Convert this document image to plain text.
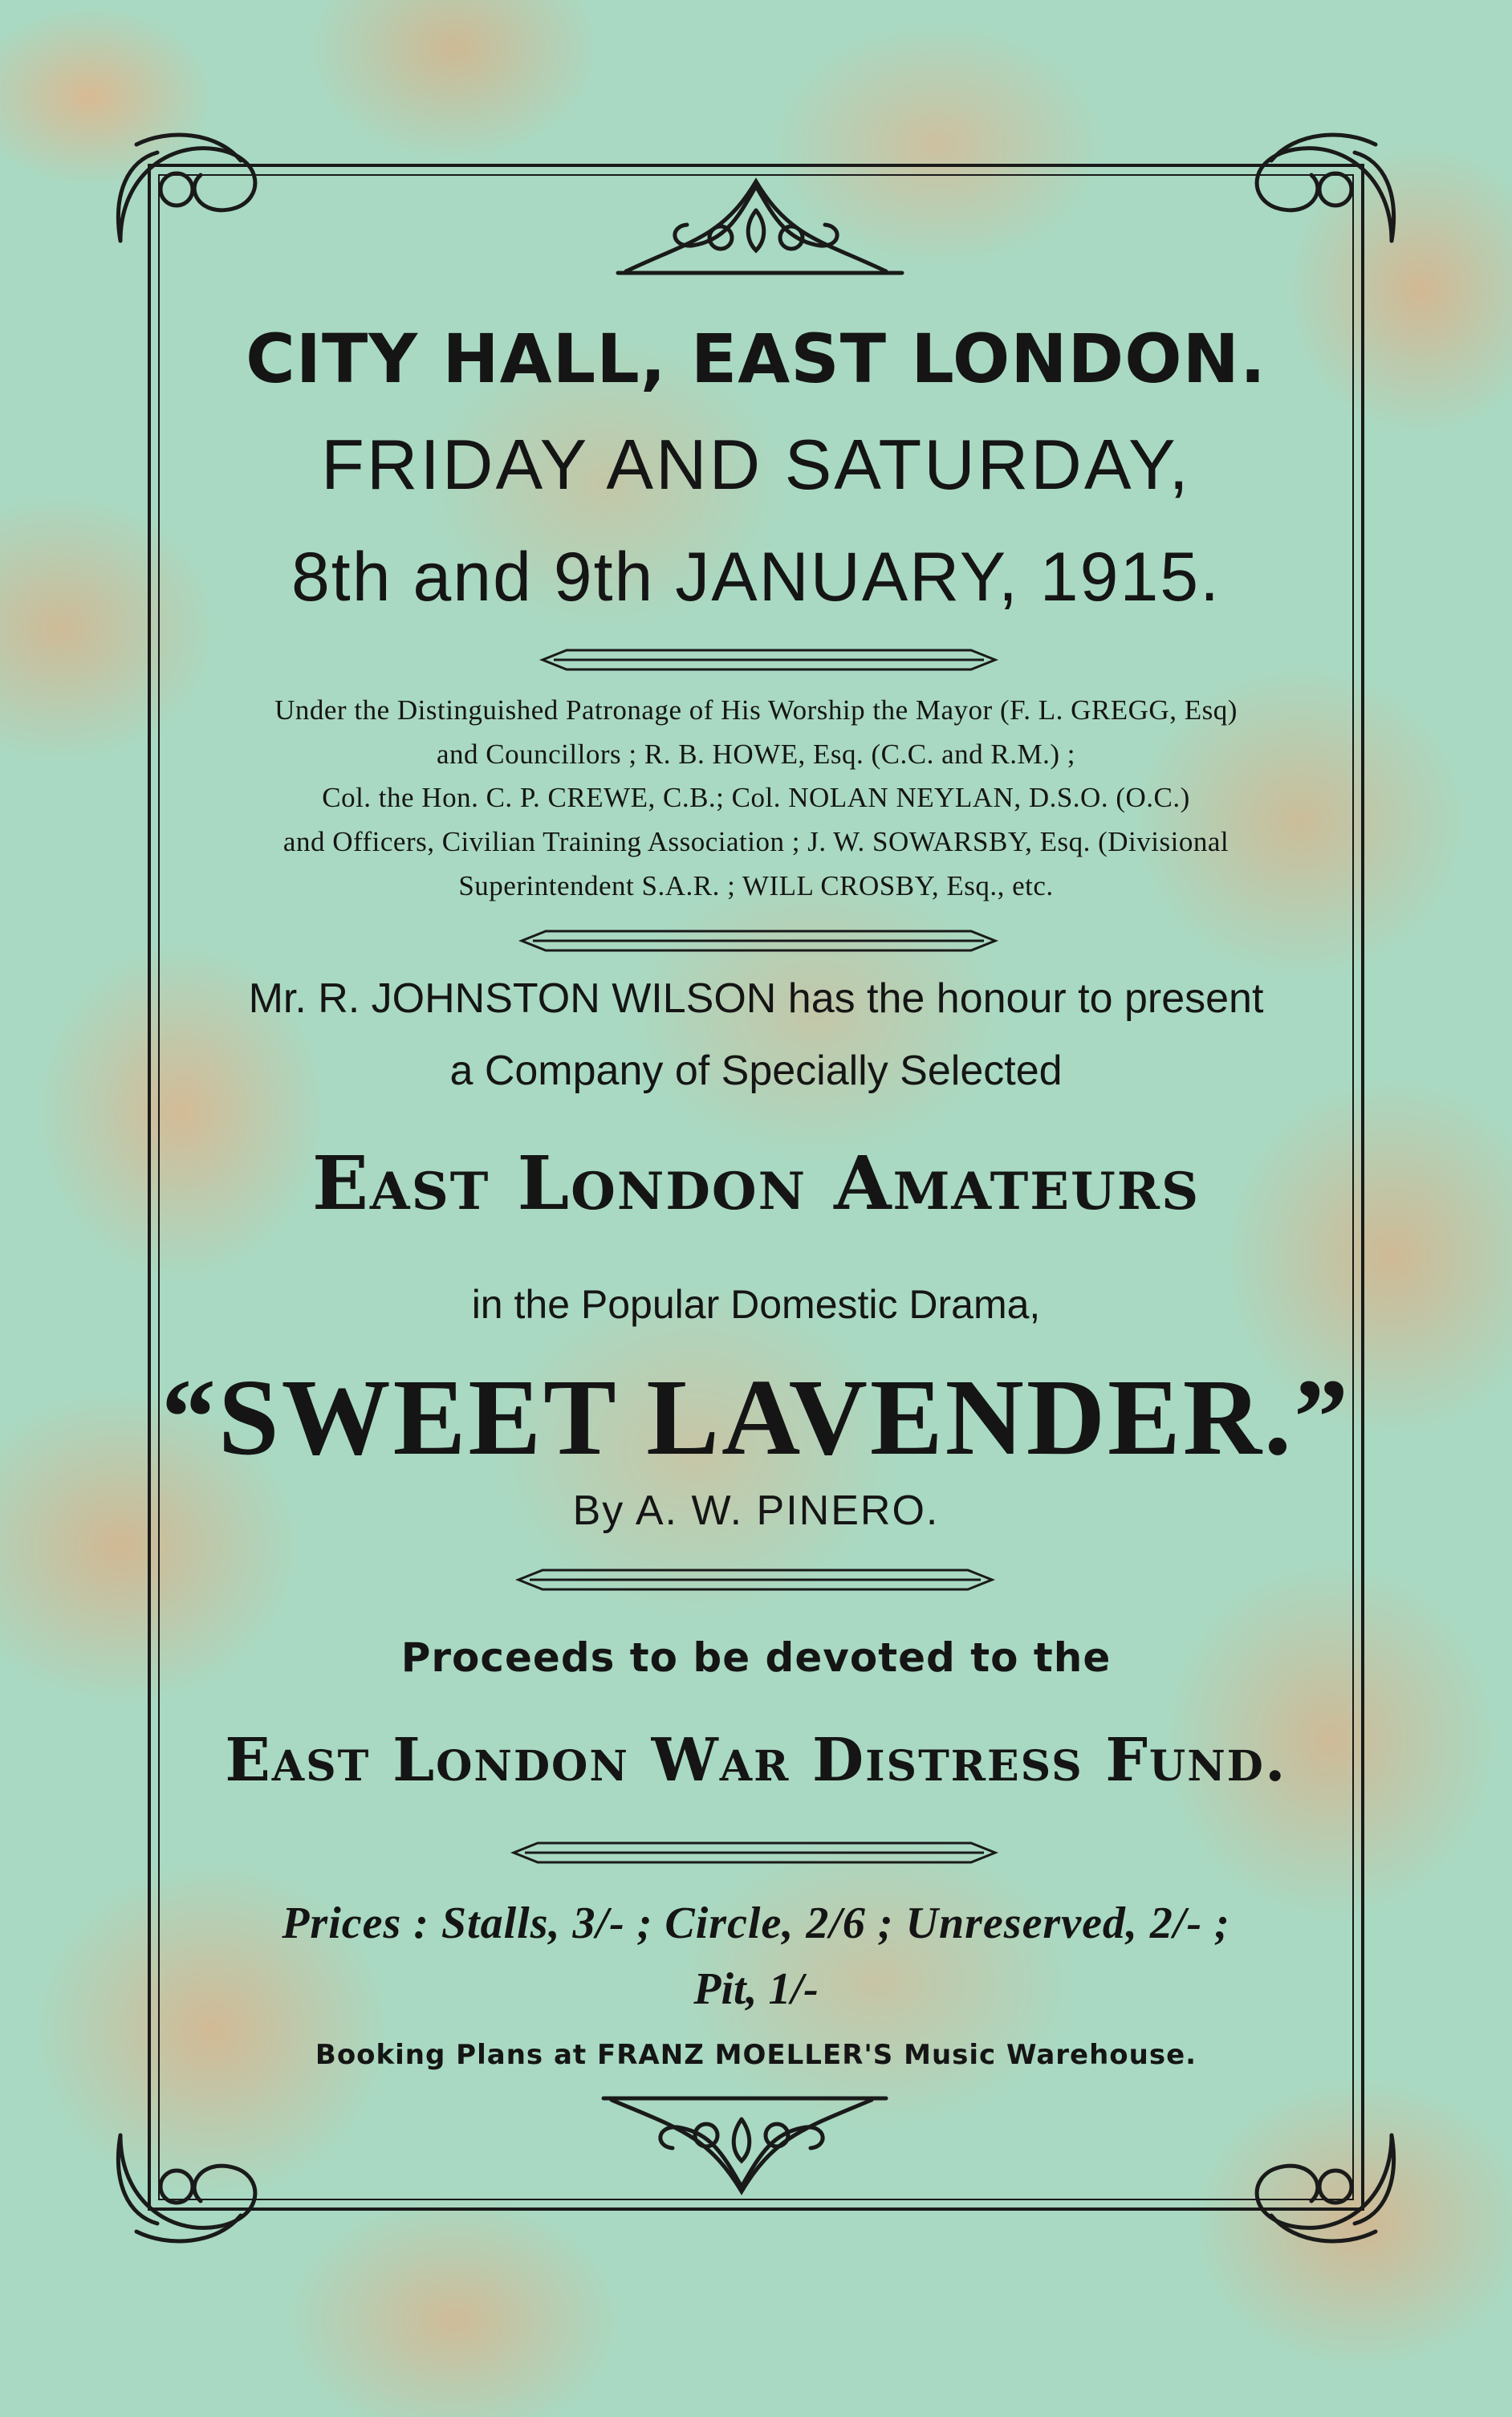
CITY HALL, EAST LONDON.
FRIDAY AND SATURDAY,
8th and 9th JANUARY, 1915.
Under the Distinguished Patronage of His Worship the Mayor (F. L. GREGG, Esq)
and Councillors ; R. B. HOWE, Esq. (C.C. and R.M.) ;
Col. the Hon. C. P. CREWE, C.B.; Col. NOLAN NEYLAN, D.S.O. (O.C.)
and Officers, Civilian Training Association ; J. W. SOWARSBY, Esq. (Divisional
Superintendent S.A.R. ; WILL CROSBY, Esq., etc.
Mr. R. JOHNSTON WILSON has the honour to present
a Company of Specially Selected
East London Amateurs
in the Popular Domestic Drama,
“SWEET LAVENDER.”
By A. W. PINERO.
Proceeds to be devoted to the
East London War Distress Fund.
Prices : Stalls, 3/- ; Circle, 2/6 ; Unreserved, 2/- ;
Pit, 1/-
Booking Plans at FRANZ MOELLER'S Music Warehouse.
